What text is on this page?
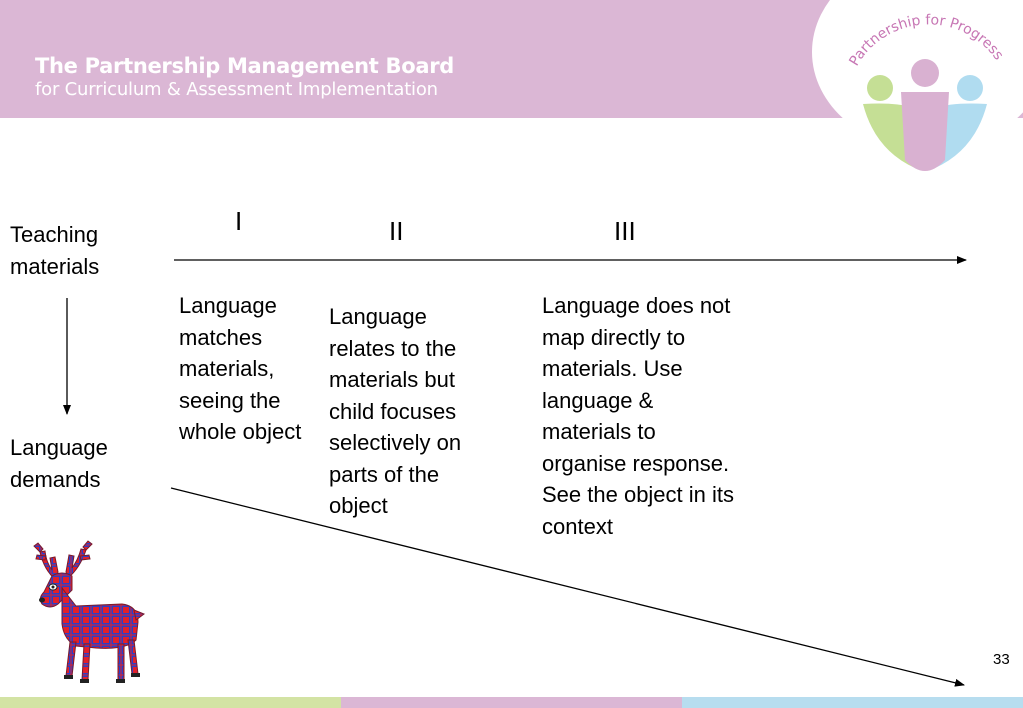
The Partnership Management Board
for Curriculum & Assessment Implementation
Partnership for Progress
Teaching
materials
Language
demands
I	II	III
Language
matches
materials,
seeing the
whole object
Language
relates to the
materials but
child focuses
selectively on
parts of the
object
Language does not
map directly to
materials. Use
language &
materials to
organise response.
See the object in its
context
33
